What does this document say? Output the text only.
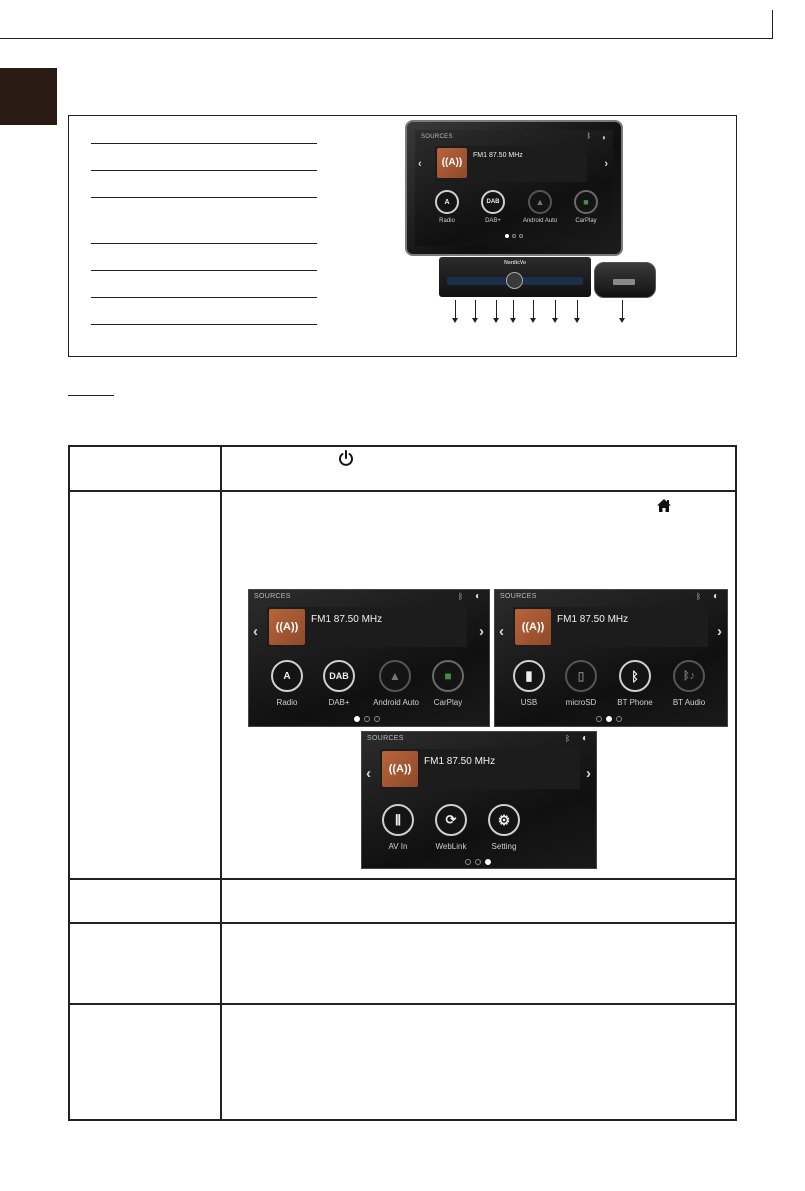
SOURCES	ᛒ ◐
‹	›
((A))
FM1 87.50 MHz
A	DAB	▲	■
Radio	DAB+	Android Auto	CarPlay
NordicVo
SOURCES	ᛒ ◐
‹	›
((A))
FM1 87.50 MHz
A	DAB	▲	■
Radio	DAB+	Android Auto	CarPlay
SOURCES	ᛒ ◐
‹	›
((A))
FM1 87.50 MHz
▮	▯	ᛒ	ᛒ♪
USB	microSD	BT Phone	BT Audio
SOURCES	ᛒ ◐
‹	›
((A))
FM1 87.50 MHz
⫼	⟳	⚙
AV In	WebLink	Setting
